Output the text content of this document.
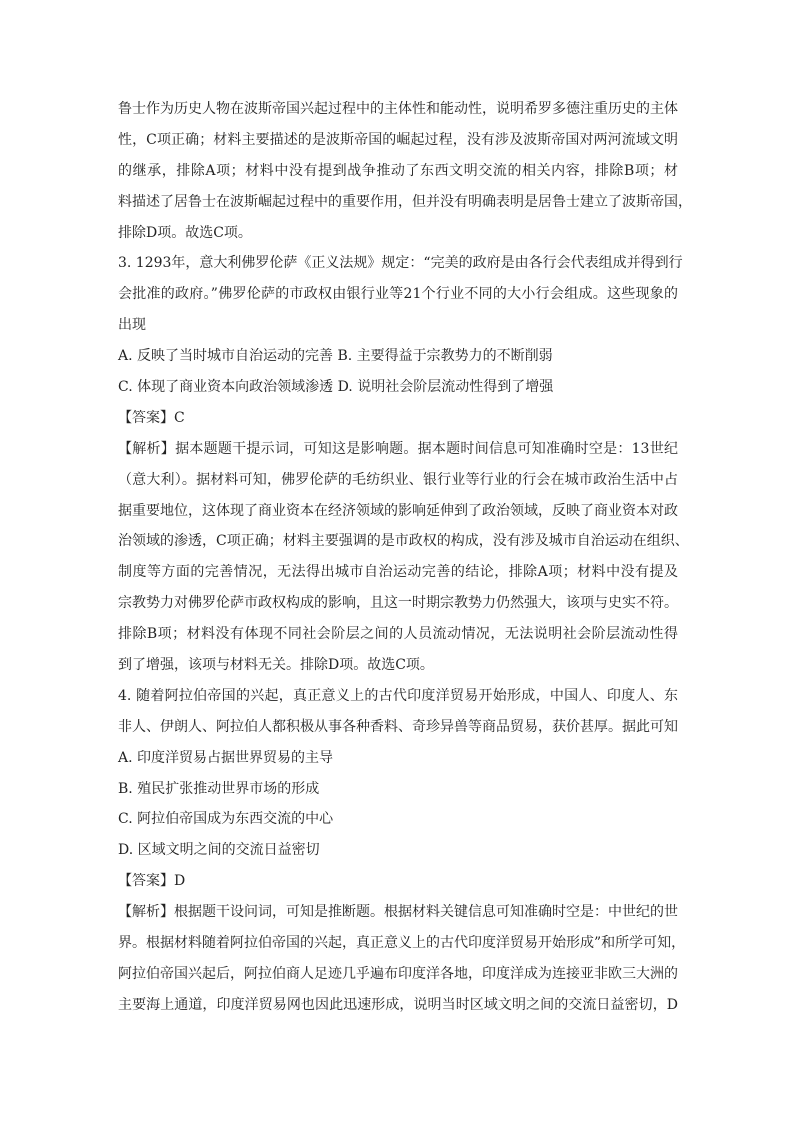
鲁士作为历史人物在波斯帝国兴起过程中的主体性和能动性，说明希罗多德注重历史的主体
性，C项正确；材料主要描述的是波斯帝国的崛起过程，没有涉及波斯帝国对两河流域文明
的继承，排除A项；材料中没有提到战争推动了东西文明交流的相关内容，排除B项；材
料描述了居鲁士在波斯崛起过程中的重要作用，但并没有明确表明是居鲁士建立了波斯帝国，
排除D项。故选C项。
3. 1293年，意大利佛罗伦萨《正义法规》规定：“完美的政府是由各行会代表组成并得到行
会批准的政府。”佛罗伦萨的市政权由银行业等21个行业不同的大小行会组成。这些现象的
出现
A. 反映了当时城市自治运动的完善 B. 主要得益于宗教势力的不断削弱
C. 体现了商业资本向政治领域渗透 D. 说明社会阶层流动性得到了增强
【答案】C
【解析】据本题题干提示词，可知这是影响题。据本题时间信息可知准确时空是：13世纪
（意大利）。据材料可知，佛罗伦萨的毛纺织业、银行业等行业的行会在城市政治生活中占
据重要地位，这体现了商业资本在经济领域的影响延伸到了政治领域，反映了商业资本对政
治领域的渗透，C项正确；材料主要强调的是市政权的构成，没有涉及城市自治运动在组织、
制度等方面的完善情况，无法得出城市自治运动完善的结论，排除A项；材料中没有提及
宗教势力对佛罗伦萨市政权构成的影响，且这一时期宗教势力仍然强大，该项与史实不符。
排除B项；材料没有体现不同社会阶层之间的人员流动情况，无法说明社会阶层流动性得
到了增强，该项与材料无关。排除D项。故选C项。
4. 随着阿拉伯帝国的兴起，真正意义上的古代印度洋贸易开始形成，中国人、印度人、东
非人、伊朗人、阿拉伯人都积极从事各种香料、奇珍异兽等商品贸易，获价甚厚。据此可知
A. 印度洋贸易占据世界贸易的主导
B. 殖民扩张推动世界市场的形成
C. 阿拉伯帝国成为东西交流的中心
D. 区域文明之间的交流日益密切
【答案】D
【解析】根据题干设问词，可知是推断题。根据材料关键信息可知准确时空是：中世纪的世
界。根据材料随着阿拉伯帝国的兴起，真正意义上的古代印度洋贸易开始形成”和所学可知，
阿拉伯帝国兴起后，阿拉伯商人足迹几乎遍布印度洋各地，印度洋成为连接亚非欧三大洲的
主要海上通道，印度洋贸易网也因此迅速形成，说明当时区域文明之间的交流日益密切，D
